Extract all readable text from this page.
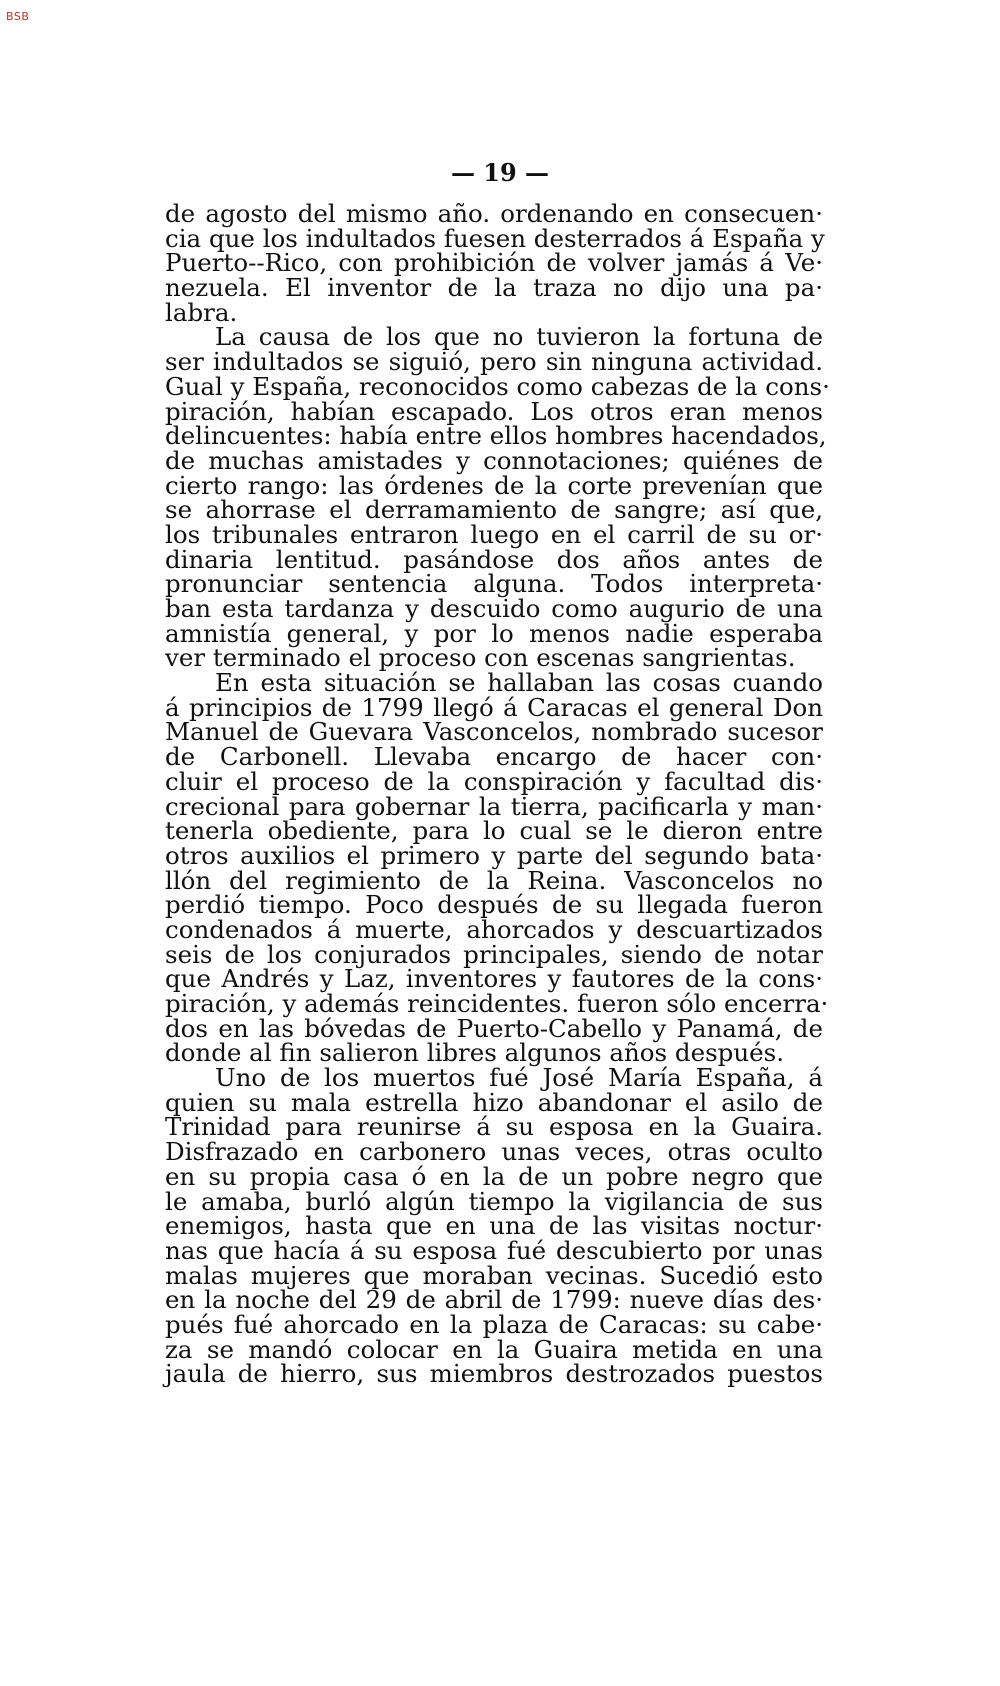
BSB
— 19 —
de agosto del mismo año. ordenando en consecuen·
cia que los indultados fuesen desterrados á España y
Puerto--Rico, con prohibición de volver jamás á Ve·
nezuela. El inventor de la traza no dijo una pa·
labra.
La causa de los que no tuvieron la fortuna de
ser indultados se siguió, pero sin ninguna actividad.
Gual y España, reconocidos como cabezas de la cons·
piración, habían escapado. Los otros eran menos
delincuentes: había entre ellos hombres hacendados,
de muchas amistades y connotaciones; quiénes de
cierto rango: las órdenes de la corte prevenían que
se ahorrase el derramamiento de sangre; así que,
los tribunales entraron luego en el carril de su or·
dinaria lentitud. pasándose dos años antes de
pronunciar sentencia alguna. Todos interpreta·
ban esta tardanza y descuido como augurio de una
amnistía general, y por lo menos nadie esperaba
ver terminado el proceso con escenas sangrientas.
En esta situación se hallaban las cosas cuando
á principios de 1799 llegó á Caracas el general Don
Manuel de Guevara Vasconcelos, nombrado sucesor
de Carbonell. Llevaba encargo de hacer con·
cluir el proceso de la conspiración y facultad dis·
crecional para gobernar la tierra, pacificarla y man·
tenerla obediente, para lo cual se le dieron entre
otros auxilios el primero y parte del segundo bata·
llón del regimiento de la Reina. Vasconcelos no
perdió tiempo. Poco después de su llegada fueron
condenados á muerte, ahorcados y descuartizados
seis de los conjurados principales, siendo de notar
que Andrés y Laz, inventores y fautores de la cons·
piración, y además reincidentes. fueron sólo encerra·
dos en las bóvedas de Puerto-Cabello y Panamá, de
donde al fin salieron libres algunos años después.
Uno de los muertos fué José María España, á
quien su mala estrella hizo abandonar el asilo de
Trinidad para reunirse á su esposa en la Guaira.
Disfrazado en carbonero unas veces, otras oculto
en su propia casa ó en la de un pobre negro que
le amaba, burló algún tiempo la vigilancia de sus
enemigos, hasta que en una de las visitas noctur·
nas que hacía á su esposa fué descubierto por unas
malas mujeres que moraban vecinas. Sucedió esto
en la noche del 29 de abril de 1799: nueve días des·
pués fué ahorcado en la plaza de Caracas: su cabe·
za se mandó colocar en la Guaira metida en una
jaula de hierro, sus miembros destrozados puestos
